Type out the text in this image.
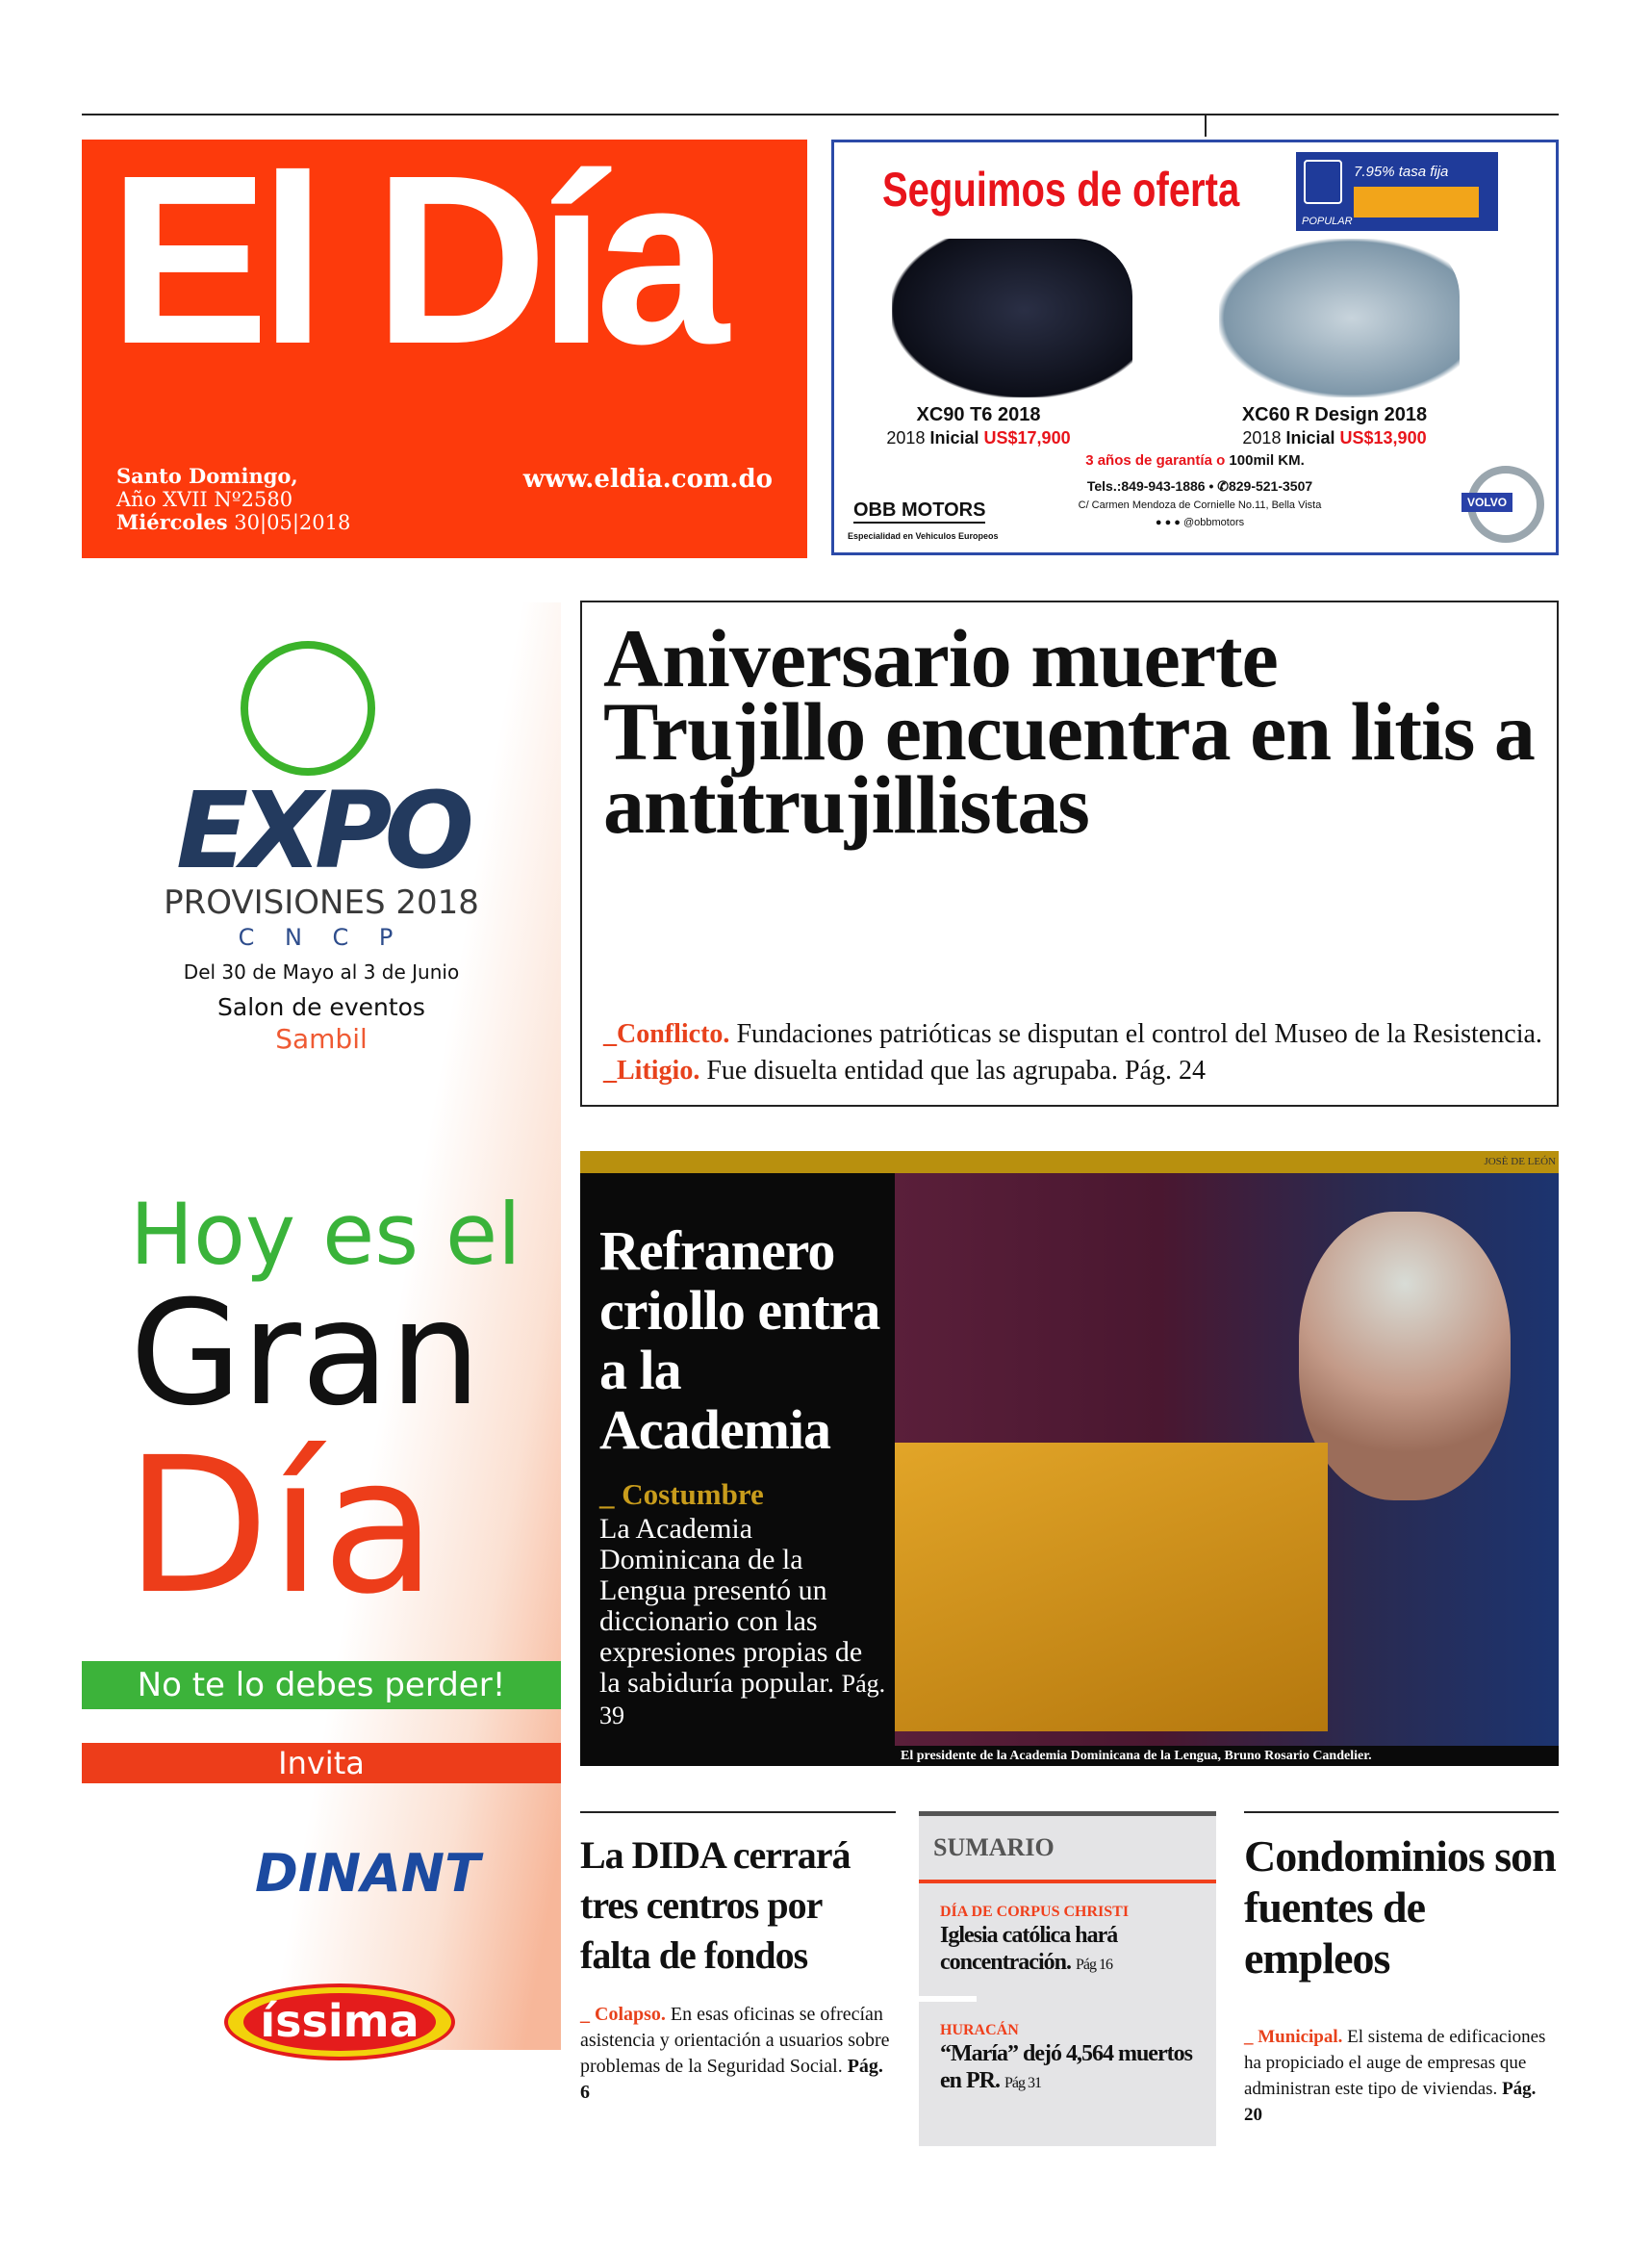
El Día
Santo Domingo,
Año XVII Nº2580
Miércoles 30|05|2018
www.eldia.com.do
Seguimos de oferta
POPULAR
7.95% tasa fija
XC90 T6 2018
2018 Inicial US$17,900
XC60 R Design 2018
2018 Inicial US$13,900
3 años de garantía o 100mil KM.
OBB MOTORS
Especialidad en Vehiculos Europeos
Tels.:849-943-1886 • ✆829-521-3507
C/ Carmen Mendoza de Cornielle No.11, Bella Vista
● ● ● @obbmotors
VOLVO
Aniversario muerte Trujillo encuentra en litis a antitrujillistas
_Conflicto. Fundaciones patrióticas se disputan el control del Museo de la Resistencia. _Litigio. Fue disuelta entidad que las agrupaba. Pág. 24
EXPO
PROVISIONES 2018
C N C P
Del 30 de Mayo al 3 de Junio
Salon de eventos
Sambil
Hoy es el
Gran
Día
No te lo debes perder!
Invita
DINANT
íssima
JOSÈ DE LEÓN
Refranero criollo entra a la Academia
_ Costumbre
La Academia Dominicana de la Lengua presentó un diccionario con las expresiones propias de la sabiduría popular. Pág. 39
El presidente de la Academia Dominicana de la Lengua, Bruno Rosario Candelier.
La DIDA cerrará tres centros por falta de fondos
_ Colapso. En esas oficinas se ofrecían asistencia y orientación a usuarios sobre problemas de la Seguridad Social. Pág. 6
SUMARIO
DÍA DE CORPUS CHRISTI
Iglesia católica hará concentración. Pág 16
HURACÁN
“María” dejó 4,564 muertos en PR. Pág 31
Condominios son fuentes de empleos
_ Municipal. El sistema de edificaciones ha propiciado el auge de empresas que administran este tipo de viviendas. Pág. 20
